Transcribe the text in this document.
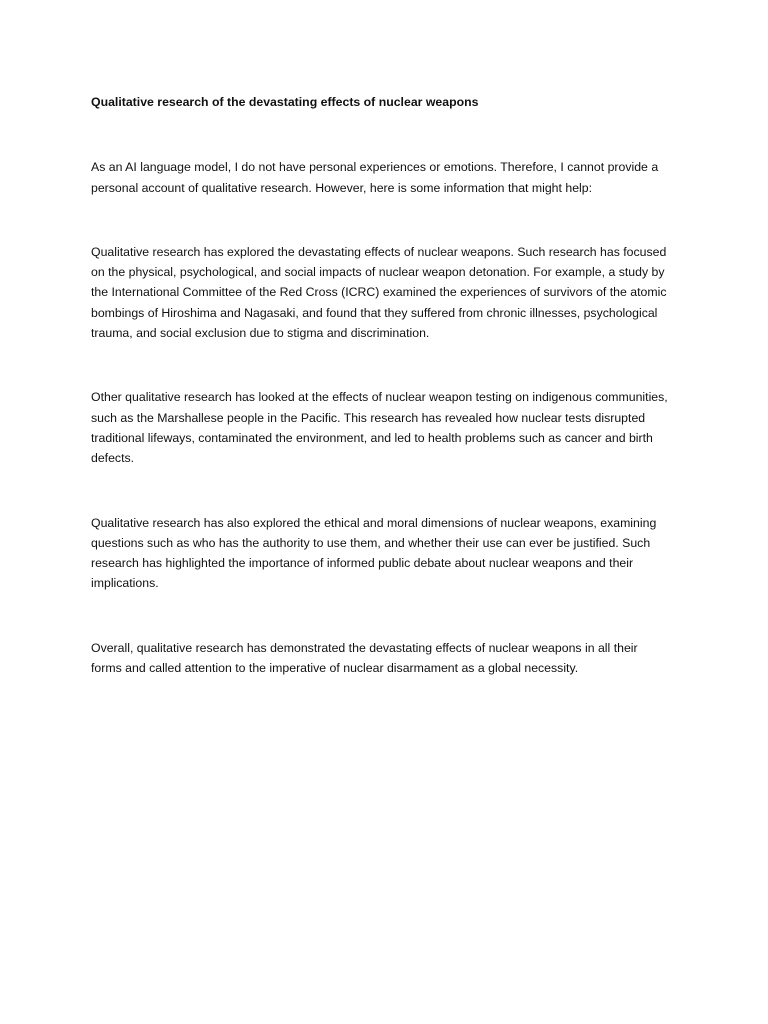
Qualitative research of the devastating effects of nuclear weapons

As an AI language model, I do not have personal experiences or emotions. Therefore, I cannot provide a personal account of qualitative research. However, here is some information that might help:

Qualitative research has explored the devastating effects of nuclear weapons. Such research has focused on the physical, psychological, and social impacts of nuclear weapon detonation. For example, a study by the International Committee of the Red Cross (ICRC) examined the experiences of survivors of the atomic bombings of Hiroshima and Nagasaki, and found that they suffered from chronic illnesses, psychological trauma, and social exclusion due to stigma and discrimination.

Other qualitative research has looked at the effects of nuclear weapon testing on indigenous communities, such as the Marshallese people in the Pacific. This research has revealed how nuclear tests disrupted traditional lifeways, contaminated the environment, and led to health problems such as cancer and birth defects.

Qualitative research has also explored the ethical and moral dimensions of nuclear weapons, examining questions such as who has the authority to use them, and whether their use can ever be justified. Such research has highlighted the importance of informed public debate about nuclear weapons and their implications.

Overall, qualitative research has demonstrated the devastating effects of nuclear weapons in all their forms and called attention to the imperative of nuclear disarmament as a global necessity.
